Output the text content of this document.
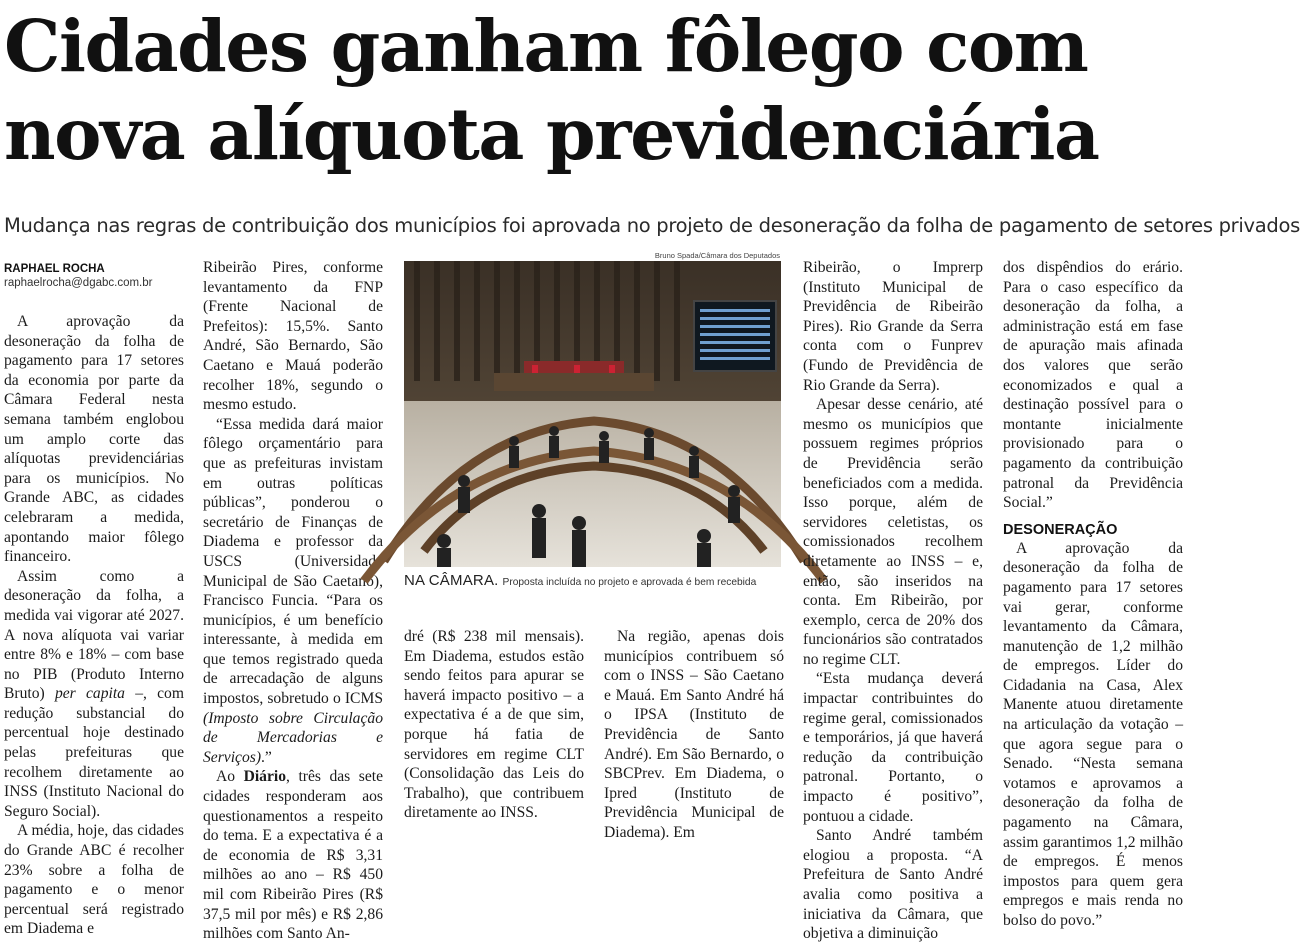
Cidades ganham fôlego com
nova alíquota previdenciária

Mudança nas regras de contribuição dos municípios foi aprovada no projeto de desoneração da folha de pagamento de setores privados

RAPHAEL ROCHA
raphaelrocha@dgabc.com.br

A aprovação da desoneração da folha de pagamento para 17 setores da economia por parte da Câmara Federal nesta semana também englobou um amplo corte das alíquotas previdenciárias para os municípios. No Grande ABC, as cidades celebraram a medida, apontando maior fôlego financeiro.

Assim como a desoneração da folha, a medida vai vigorar até 2027. A nova alíquota vai variar entre 8% e 18% – com base no PIB (Produto Interno Bruto) per capita –, com redução substancial do percentual hoje destinado pelas prefeituras que recolhem diretamente ao INSS (Instituto Nacional do Seguro Social).

A média, hoje, das cidades do Grande ABC é recolher 23% sobre a folha de pagamento e o menor percentual será registrado em Diadema e

Ribeirão Pires, conforme levantamento da FNP (Frente Nacional de Prefeitos): 15,5%. Santo André, São Bernardo, São Caetano e Mauá poderão recolher 18%, segundo o mesmo estudo.

“Essa medida dará maior fôlego orçamentário para que as prefeituras invistam em outras políticas públicas”, ponderou o secretário de Finanças de Diadema e professor da USCS (Universidade Municipal de São Caetano), Francisco Funcia. “Para os municípios, é um benefício interessante, à medida em que temos registrado queda de arrecadação de alguns impostos, sobretudo o ICMS (Imposto sobre Circulação de Mercadorias e Serviços).”

Ao Diário, três das sete cidades responderam aos questionamentos a respeito do tema. E a expectativa é a de economia de R$ 3,31 milhões ao ano – R$ 450 mil com Ribeirão Pires (R$ 37,5 mil por mês) e R$ 2,86 milhões com Santo An-

Bruno Spada/Câmara dos Deputados
NA CÂMARA. Proposta incluída no projeto e aprovada é bem recebida

dré (R$ 238 mil mensais). Em Diadema, estudos estão sendo feitos para apurar se haverá impacto positivo – a expectativa é a de que sim, porque há fatia de servidores em regime CLT (Consolidação das Leis do Trabalho), que contribuem diretamente ao INSS.

Na região, apenas dois municípios contribuem só com o INSS – São Caetano e Mauá. Em Santo André há o IPSA (Instituto de Previdência de Santo André). Em São Bernardo, o SBCPrev. Em Diadema, o Ipred (Instituto de Previdência Municipal de Diadema). Em

Ribeirão, o Imprerp (Instituto Municipal de Previdência de Ribeirão Pires). Rio Grande da Serra conta com o Funprev (Fundo de Previdência de Rio Grande da Serra).

Apesar desse cenário, até mesmo os municípios que possuem regimes próprios de Previdência serão beneficiados com a medida. Isso porque, além de servidores celetistas, os comissionados recolhem diretamente ao INSS – e, então, são inseridos na conta. Em Ribeirão, por exemplo, cerca de 20% dos funcionários são contratados no regime CLT.

“Esta mudança deverá impactar contribuintes do regime geral, comissionados e temporários, já que haverá redução da contribuição patronal. Portanto, o impacto é positivo”, pontuou a cidade.

Santo André também elogiou a proposta. “A Prefeitura de Santo André avalia como positiva a iniciativa da Câmara, que objetiva a diminuição

dos dispêndios do erário. Para o caso específico da desoneração da folha, a administração está em fase de apuração mais afinada dos valores que serão economizados e qual a destinação possível para o montante inicialmente provisionado para o pagamento da contribuição patronal da Previdência Social.”

DESONERAÇÃO

A aprovação da desoneração da folha de pagamento para 17 setores vai gerar, conforme levantamento da Câmara, manutenção de 1,2 milhão de empregos. Líder do Cidadania na Casa, Alex Manente atuou diretamente na articulação da votação – que agora segue para o Senado. “Nesta semana votamos e aprovamos a desoneração da folha de pagamento na Câmara, assim garantimos 1,2 milhão de empregos. É menos impostos para quem gera empregos e mais renda no bolso do povo.”
